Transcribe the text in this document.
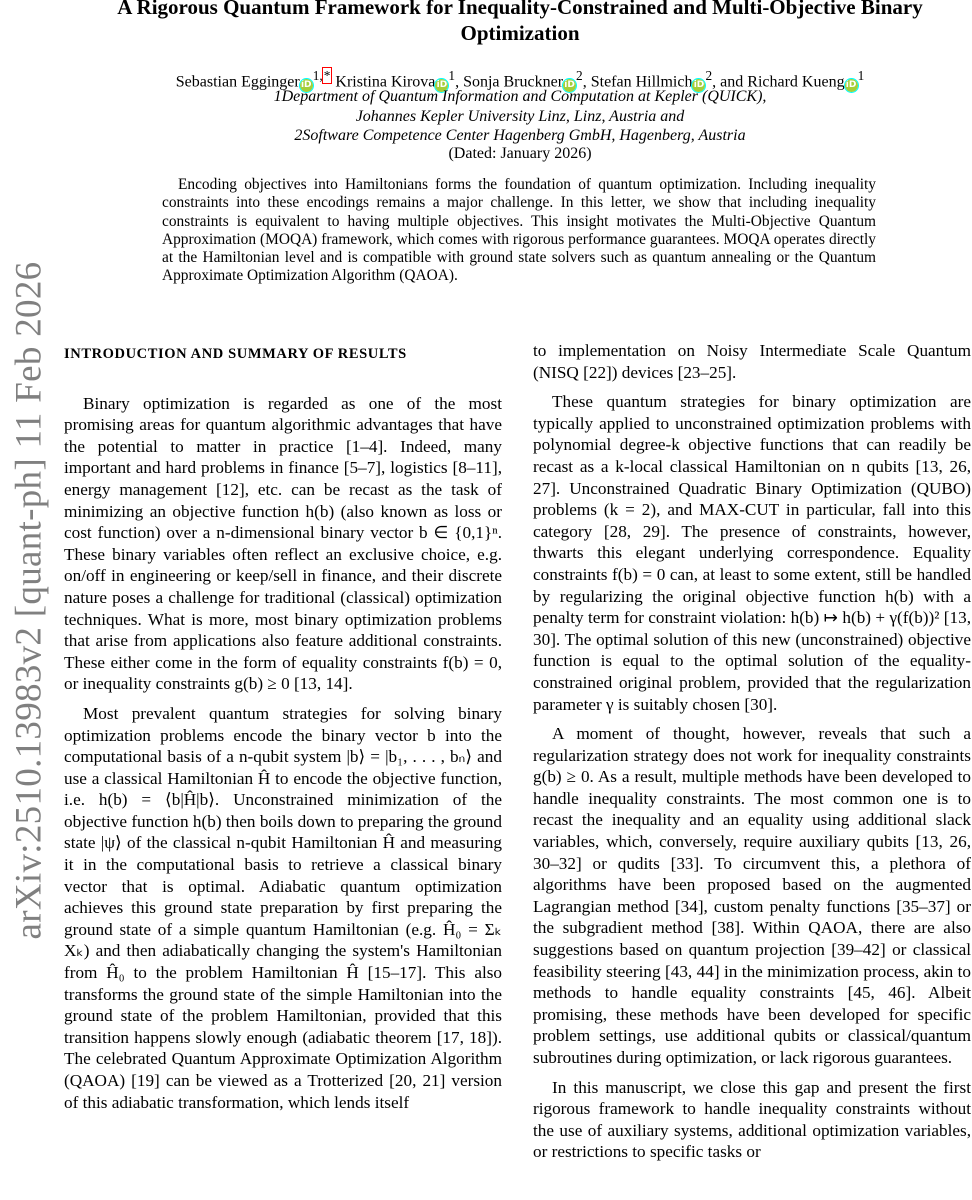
arXiv:2510.13983v2 [quant-ph] 11 Feb 2026
A Rigorous Quantum Framework for Inequality-Constrained and Multi-Objective Binary Optimization
Sebastian EggingeriD$^{1,*}$ Kristina KirovaiD$^1$, Sonja BruckneriD$^2$, Stefan HillmichiD$^2$, and Richard KuengiD$^1$
1Department of Quantum Information and Computation at Kepler (QUICK),
Johannes Kepler University Linz, Linz, Austria and
2Software Competence Center Hagenberg GmbH, Hagenberg, Austria
(Dated: January 2026)
Encoding objectives into Hamiltonians forms the foundation of quantum optimization. Including inequality constraints into these encodings remains a major challenge. In this letter, we show that including inequality constraints is equivalent to having multiple objectives. This insight motivates the Multi-Objective Quantum Approximation (MOQA) framework, which comes with rigorous performance guarantees. MOQA operates directly at the Hamiltonian level and is compatible with ground state solvers such as quantum annealing or the Quantum Approximate Optimization Algorithm (QAOA).
INTRODUCTION AND SUMMARY OF RESULTS

Binary optimization is regarded as one of the most promising areas for quantum algorithmic advantages that have the potential to matter in practice [1–4]. Indeed, many important and hard problems in finance [5–7], logistics [8–11], energy management [12], etc. can be recast as the task of minimizing an objective function h(b) (also known as loss or cost function) over a n-dimensional binary vector b ∈ {0,1}ⁿ. These binary variables often reflect an exclusive choice, e.g. on/off in engineering or keep/sell in finance, and their discrete nature poses a challenge for traditional (classical) optimization techniques. What is more, most binary optimization problems that arise from applications also feature additional constraints. These either come in the form of equality constraints f(b) = 0, or inequality constraints g(b) ≥ 0 [13, 14].

Most prevalent quantum strategies for solving binary optimization problems encode the binary vector b into the computational basis of a n-qubit system |b⟩ = |b₁, . . . , bₙ⟩ and use a classical Hamiltonian Ĥ to encode the objective function, i.e. h(b) = ⟨b|Ĥ|b⟩. Unconstrained minimization of the objective function h(b) then boils down to preparing the ground state |ψ⟩ of the classical n-qubit Hamiltonian Ĥ and measuring it in the computational basis to retrieve a classical binary vector that is optimal. Adiabatic quantum optimization achieves this ground state preparation by first preparing the ground state of a simple quantum Hamiltonian (e.g. Ĥ₀ = Σₖ Xₖ) and then adiabatically changing the system's Hamiltonian from Ĥ₀ to the problem Hamiltonian Ĥ [15–17]. This also transforms the ground state of the simple Hamiltonian into the ground state of the problem Hamiltonian, provided that this transition happens slowly enough (adiabatic theorem [17, 18]). The celebrated Quantum Approximate Optimization Algorithm (QAOA) [19] can be viewed as a Trotterized [20, 21] version of this adiabatic transformation, which lends itself

to implementation on Noisy Intermediate Scale Quantum (NISQ [22]) devices [23–25].

These quantum strategies for binary optimization are typically applied to unconstrained optimization problems with polynomial degree-k objective functions that can readily be recast as a k-local classical Hamiltonian on n qubits [13, 26, 27]. Unconstrained Quadratic Binary Optimization (QUBO) problems (k = 2), and MAX-CUT in particular, fall into this category [28, 29]. The presence of constraints, however, thwarts this elegant underlying correspondence. Equality constraints f(b) = 0 can, at least to some extent, still be handled by regularizing the original objective function h(b) with a penalty term for constraint violation: h(b) ↦ h(b) + γ(f(b))² [13, 30]. The optimal solution of this new (unconstrained) objective function is equal to the optimal solution of the equality-constrained original problem, provided that the regularization parameter γ is suitably chosen [30].

A moment of thought, however, reveals that such a regularization strategy does not work for inequality constraints g(b) ≥ 0. As a result, multiple methods have been developed to handle inequality constraints. The most common one is to recast the inequality and an equality using additional slack variables, which, conversely, require auxiliary qubits [13, 26, 30–32] or qudits [33]. To circumvent this, a plethora of algorithms have been proposed based on the augmented Lagrangian method [34], custom penalty functions [35–37] or the subgradient method [38]. Within QAOA, there are also suggestions based on quantum projection [39–42] or classical feasibility steering [43, 44] in the minimization process, akin to methods to handle equality constraints [45, 46]. Albeit promising, these methods have been developed for specific problem settings, use additional qubits or classical/quantum subroutines during optimization, or lack rigorous guarantees.

In this manuscript, we close this gap and present the first rigorous framework to handle inequality constraints without the use of auxiliary systems, additional optimization variables, or restrictions to specific tasks or
